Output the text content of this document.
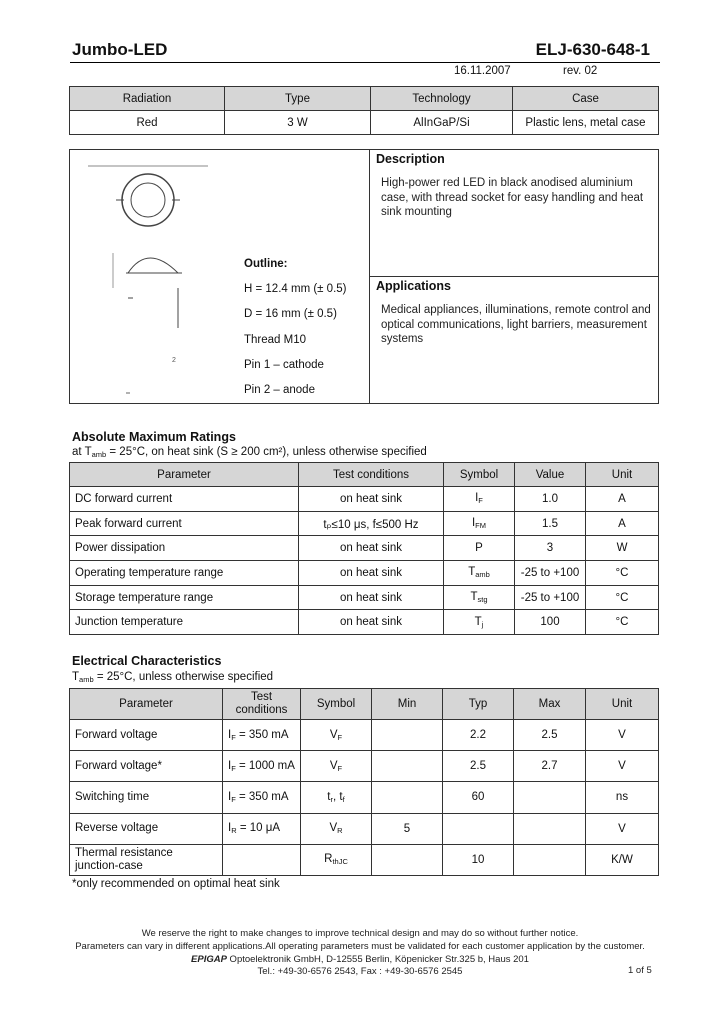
Jumbo-LED	ELJ-630-648-1
16.11.2007	rev. 02
Radiation	Type	Technology	Case
Red	3 W	AlInGaP/Si	Plastic lens, metal case
2
Outline:
H = 12.4 mm (± 0.5)
D = 16 mm (± 0.5)
Thread M10
Pin 1 – cathode
Pin 2 – anode
Description
High-power red LED in black anodised aluminium case, with thread socket for easy handling and heat sink mounting
Applications
Medical appliances, illuminations, remote control and optical communications, light barriers, measurement systems
Absolute Maximum Ratings
at $T_{amb} = 25^\circ C$, on heat sink (S ≥ 200 cm²), unless otherwise specified
Parameter	Test conditions	Symbol	Value	Unit
DC forward current	on heat sink	$I_F$	1.0	A
Peak forward current	tₚ≤10 μs, f≤500 Hz	$I_{FM}$	1.5	A
Power dissipation	on heat sink	P	3	W
Operating temperature range	on heat sink	$T_{amb}$	-25 to +100	°C
Storage temperature range	on heat sink	$T_{stg}$	-25 to +100	°C
Junction temperature	on heat sink	$T_j$	100	°C
Electrical Characteristics
$T_{amb} = 25^\circ C$, unless otherwise specified
Parameter	Test conditions	Symbol	Min	Typ	Max	Unit
Forward voltage	$I_F = 350$ mA	$V_F$		2.2	2.5	V
Forward voltage*	$I_F = 1000$ mA	$V_F$		2.5	2.7	V
Switching time	$I_F = 350$ mA	$t_r$, $t_f$		60		ns
Reverse voltage	$I_R = 10$ μA	$V_R$	5			V
Thermal resistance junction-case		$R_{thJC}$		10		K/W
*only recommended on optimal heat sink
We reserve the right to make changes to improve technical design and may do so without further notice.
Parameters can vary in different applications.All operating parameters must be validated for each customer application by the customer.
EPIGAP Optoelektronik GmbH, D-12555 Berlin, Köpenicker Str.325 b, Haus 201
Tel.: +49-30-6576 2543, Fax : +49-30-6576 2545	1 of 5
